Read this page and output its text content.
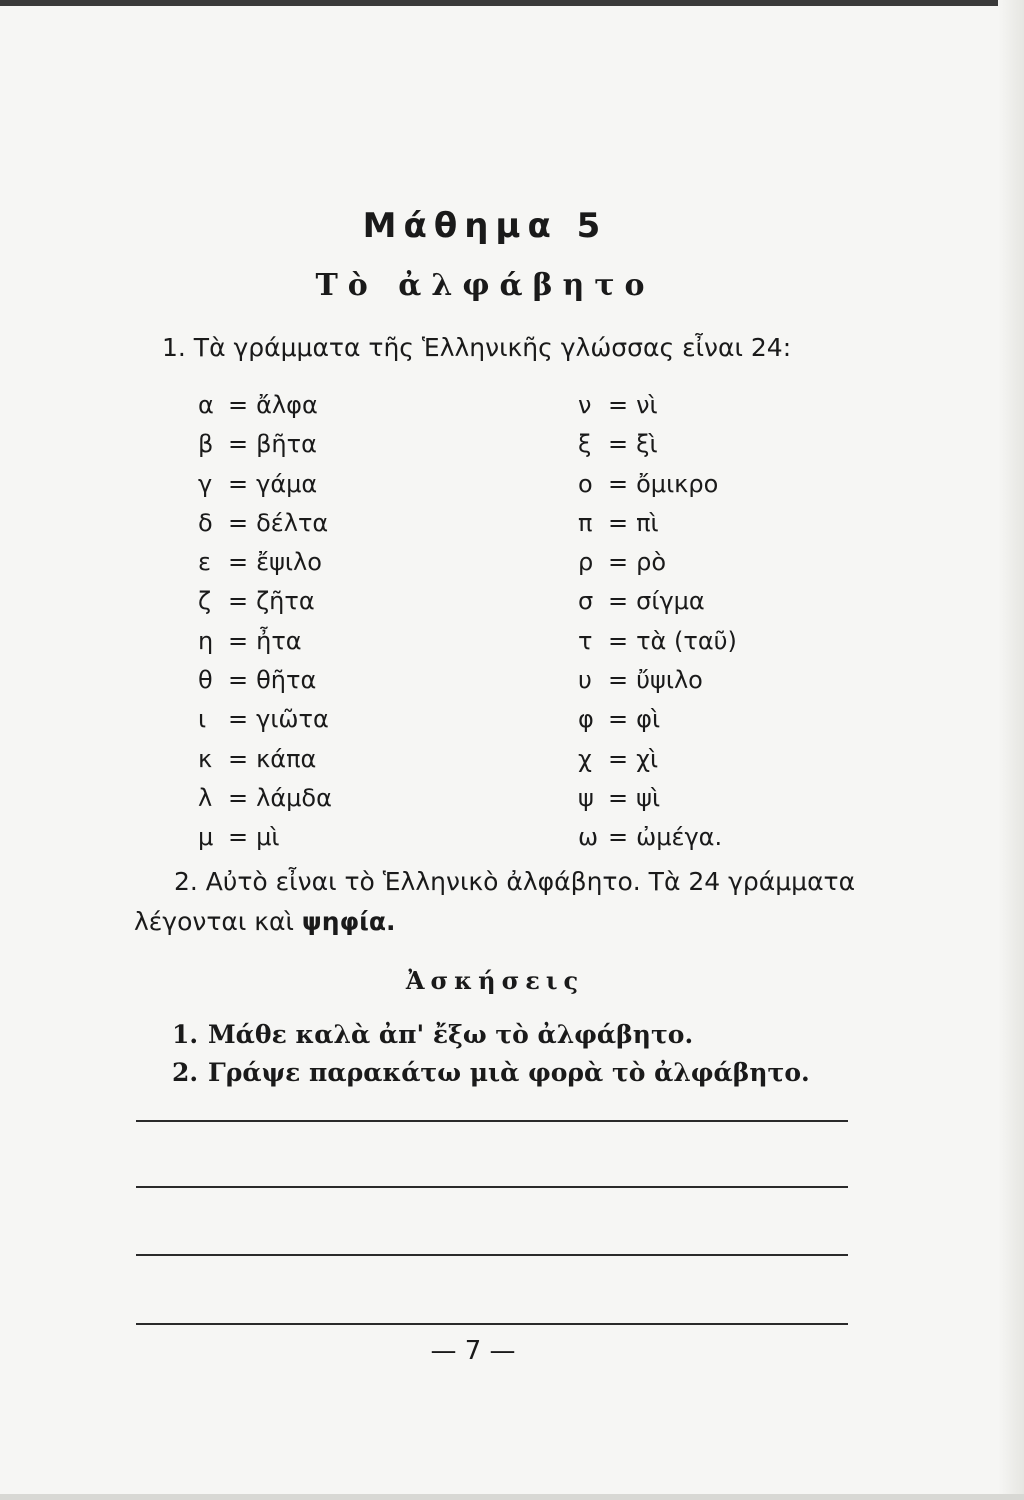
Μάθημα 5
Τὸ ἀλφάβητο

1. Τὰ γράμματα τῆς Ἑλληνικῆς γλώσσας εἶναι 24:

α = ἄλφα
β = βῆτα
γ = γάμα
δ = δέλτα
ε = ἔψιλο
ζ = ζῆτα
η = ἦτα
θ = θῆτα
ι = γιῶτα
κ = κάπα
λ = λάμδα
μ = μὶ
ν = νὶ
ξ = ξὶ
ο = ὄμικρο
π = πὶ
ρ = ρὸ
σ = σίγμα
τ = τὰ (ταῦ)
υ = ὔψιλο
φ = φὶ
χ = χὶ
ψ = ψὶ
ω = ὠμέγα.

2. Αὐτὸ εἶναι τὸ Ἑλληνικὸ ἀλφάβητο. Τὰ 24 γράμματα λέγονται καὶ ψηφία.

Ἀσκήσεις
1. Μάθε καλὰ ἀπ' ἔξω τὸ ἀλφάβητο.
2. Γράψε παρακάτω μιὰ φορὰ τὸ ἀλφάβητο.

— 7 —
